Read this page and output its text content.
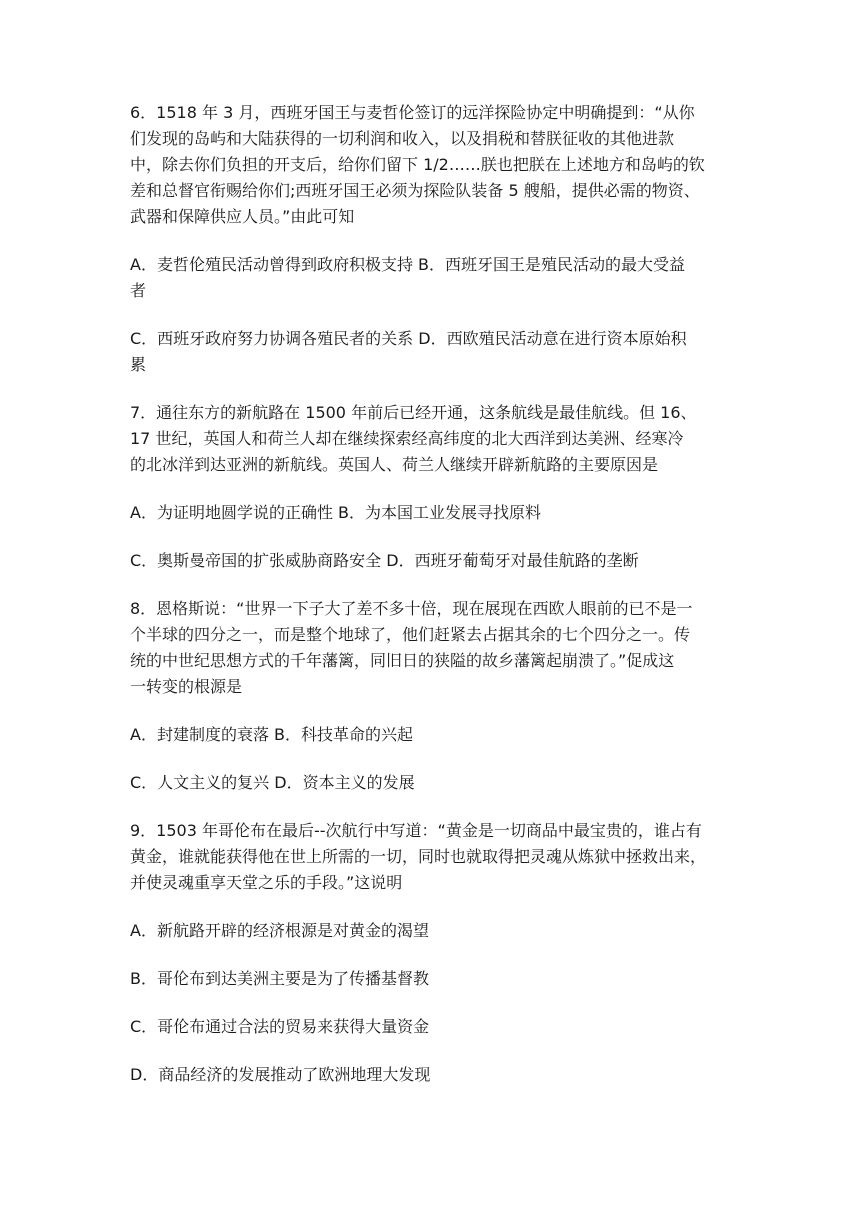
6．1518 年 3 月，西班牙国王与麦哲伦签订的远洋探险协定中明确提到：“从你
们发现的岛屿和大陆获得的一切利润和收入，以及捐税和替朕征收的其他进款
中，除去你们负担的开支后，给你们留下 1/2……朕也把朕在上述地方和岛屿的钦
差和总督官衔赐给你们;西班牙国王必须为探险队装备 5 艘船，提供必需的物资、
武器和保障供应人员。”由此可知

A．麦哲伦殖民活动曾得到政府积极支持 B．西班牙国王是殖民活动的最大受益
者

C．西班牙政府努力协调各殖民者的关系 D．西欧殖民活动意在进行资本原始积
累

7．通往东方的新航路在 1500 年前后已经开通，这条航线是最佳航线。但 16、
17 世纪，英国人和荷兰人却在继续探索经高纬度的北大西洋到达美洲、经寒冷
的北冰洋到达亚洲的新航线。英国人、荷兰人继续开辟新航路的主要原因是

A．为证明地圆学说的正确性 B．为本国工业发展寻找原料

C．奥斯曼帝国的扩张威胁商路安全 D．西班牙葡萄牙对最佳航路的垄断

8．恩格斯说：“世界一下子大了差不多十倍，现在展现在西欧人眼前的已不是一
个半球的四分之一，而是整个地球了，他们赶紧去占据其余的七个四分之一。传
统的中世纪思想方式的千年藩篱，同旧日的狭隘的故乡藩篱起崩溃了。”促成这
一转变的根源是

A．封建制度的衰落 B．科技革命的兴起

C．人文主义的复兴 D．资本主义的发展

9．1503 年哥伦布在最后--次航行中写道：“黄金是一切商品中最宝贵的，谁占有
黄金，谁就能获得他在世上所需的一切，同时也就取得把灵魂从炼狱中拯救出来，
并使灵魂重享天堂之乐的手段。”这说明

A．新航路开辟的经济根源是对黄金的渴望

B．哥伦布到达美洲主要是为了传播基督教

C．哥伦布通过合法的贸易来获得大量资金

D．商品经济的发展推动了欧洲地理大发现
